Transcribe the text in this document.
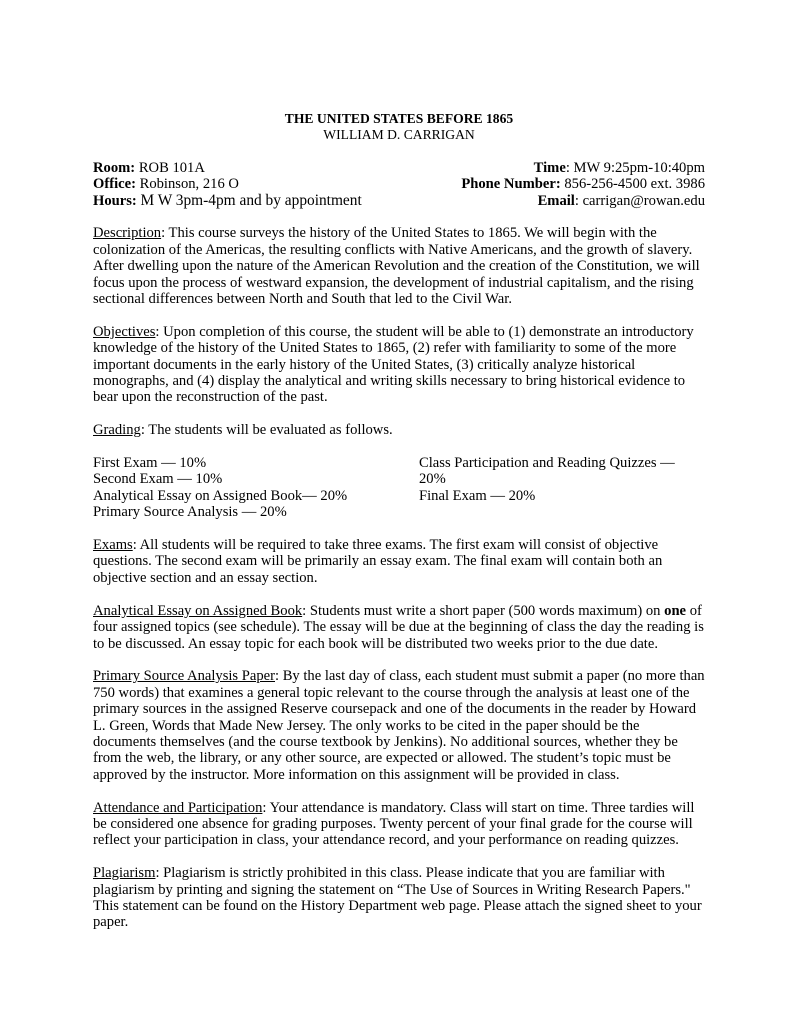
THE UNITED STATES BEFORE 1865
WILLIAM D. CARRIGAN
Room: ROB 101A	Time: MW 9:25pm-10:40pm
Office: Robinson, 216 O	Phone Number: 856-256-4500 ext. 3986
Hours: M W 3pm-4pm and by appointment	Email: carrigan@rowan.edu

Description: This course surveys the history of the United States to 1865. We will begin with the colonization of the Americas, the resulting conflicts with Native Americans, and the growth of slavery. After dwelling upon the nature of the American Revolution and the creation of the Constitution, we will focus upon the process of westward expansion, the development of industrial capitalism, and the rising sectional differences between North and South that led to the Civil War.

Objectives: Upon completion of this course, the student will be able to (1) demonstrate an introductory knowledge of the history of the United States to 1865, (2) refer with familiarity to some of the more important documents in the early history of the United States, (3) critically analyze historical monographs, and (4) display the analytical and writing skills necessary to bring historical evidence to bear upon the reconstruction of the past.

Grading: The students will be evaluated as follows.

First Exam — 10%
Second Exam — 10%
Analytical Essay on Assigned Book— 20%
Primary Source Analysis — 20%
Class Participation and Reading Quizzes —
20%
Final Exam — 20%

Exams: All students will be required to take three exams. The first exam will consist of objective questions. The second exam will be primarily an essay exam. The final exam will contain both an objective section and an essay section.

Analytical Essay on Assigned Book: Students must write a short paper (500 words maximum) on one of four assigned topics (see schedule). The essay will be due at the beginning of class the day the reading is to be discussed. An essay topic for each book will be distributed two weeks prior to the due date.

Primary Source Analysis Paper: By the last day of class, each student must submit a paper (no more than 750 words) that examines a general topic relevant to the course through the analysis at least one of the primary sources in the assigned Reserve coursepack and one of the documents in the reader by Howard L. Green, Words that Made New Jersey. The only works to be cited in the paper should be the documents themselves (and the course textbook by Jenkins). No additional sources, whether they be from the web, the library, or any other source, are expected or allowed. The student’s topic must be approved by the instructor. More information on this assignment will be provided in class.

Attendance and Participation: Your attendance is mandatory. Class will start on time. Three tardies will be considered one absence for grading purposes. Twenty percent of your final grade for the course will reflect your participation in class, your attendance record, and your performance on reading quizzes.

Plagiarism: Plagiarism is strictly prohibited in this class. Please indicate that you are familiar with plagiarism by printing and signing the statement on “The Use of Sources in Writing Research Papers." This statement can be found on the History Department web page. Please attach the signed sheet to your paper.
